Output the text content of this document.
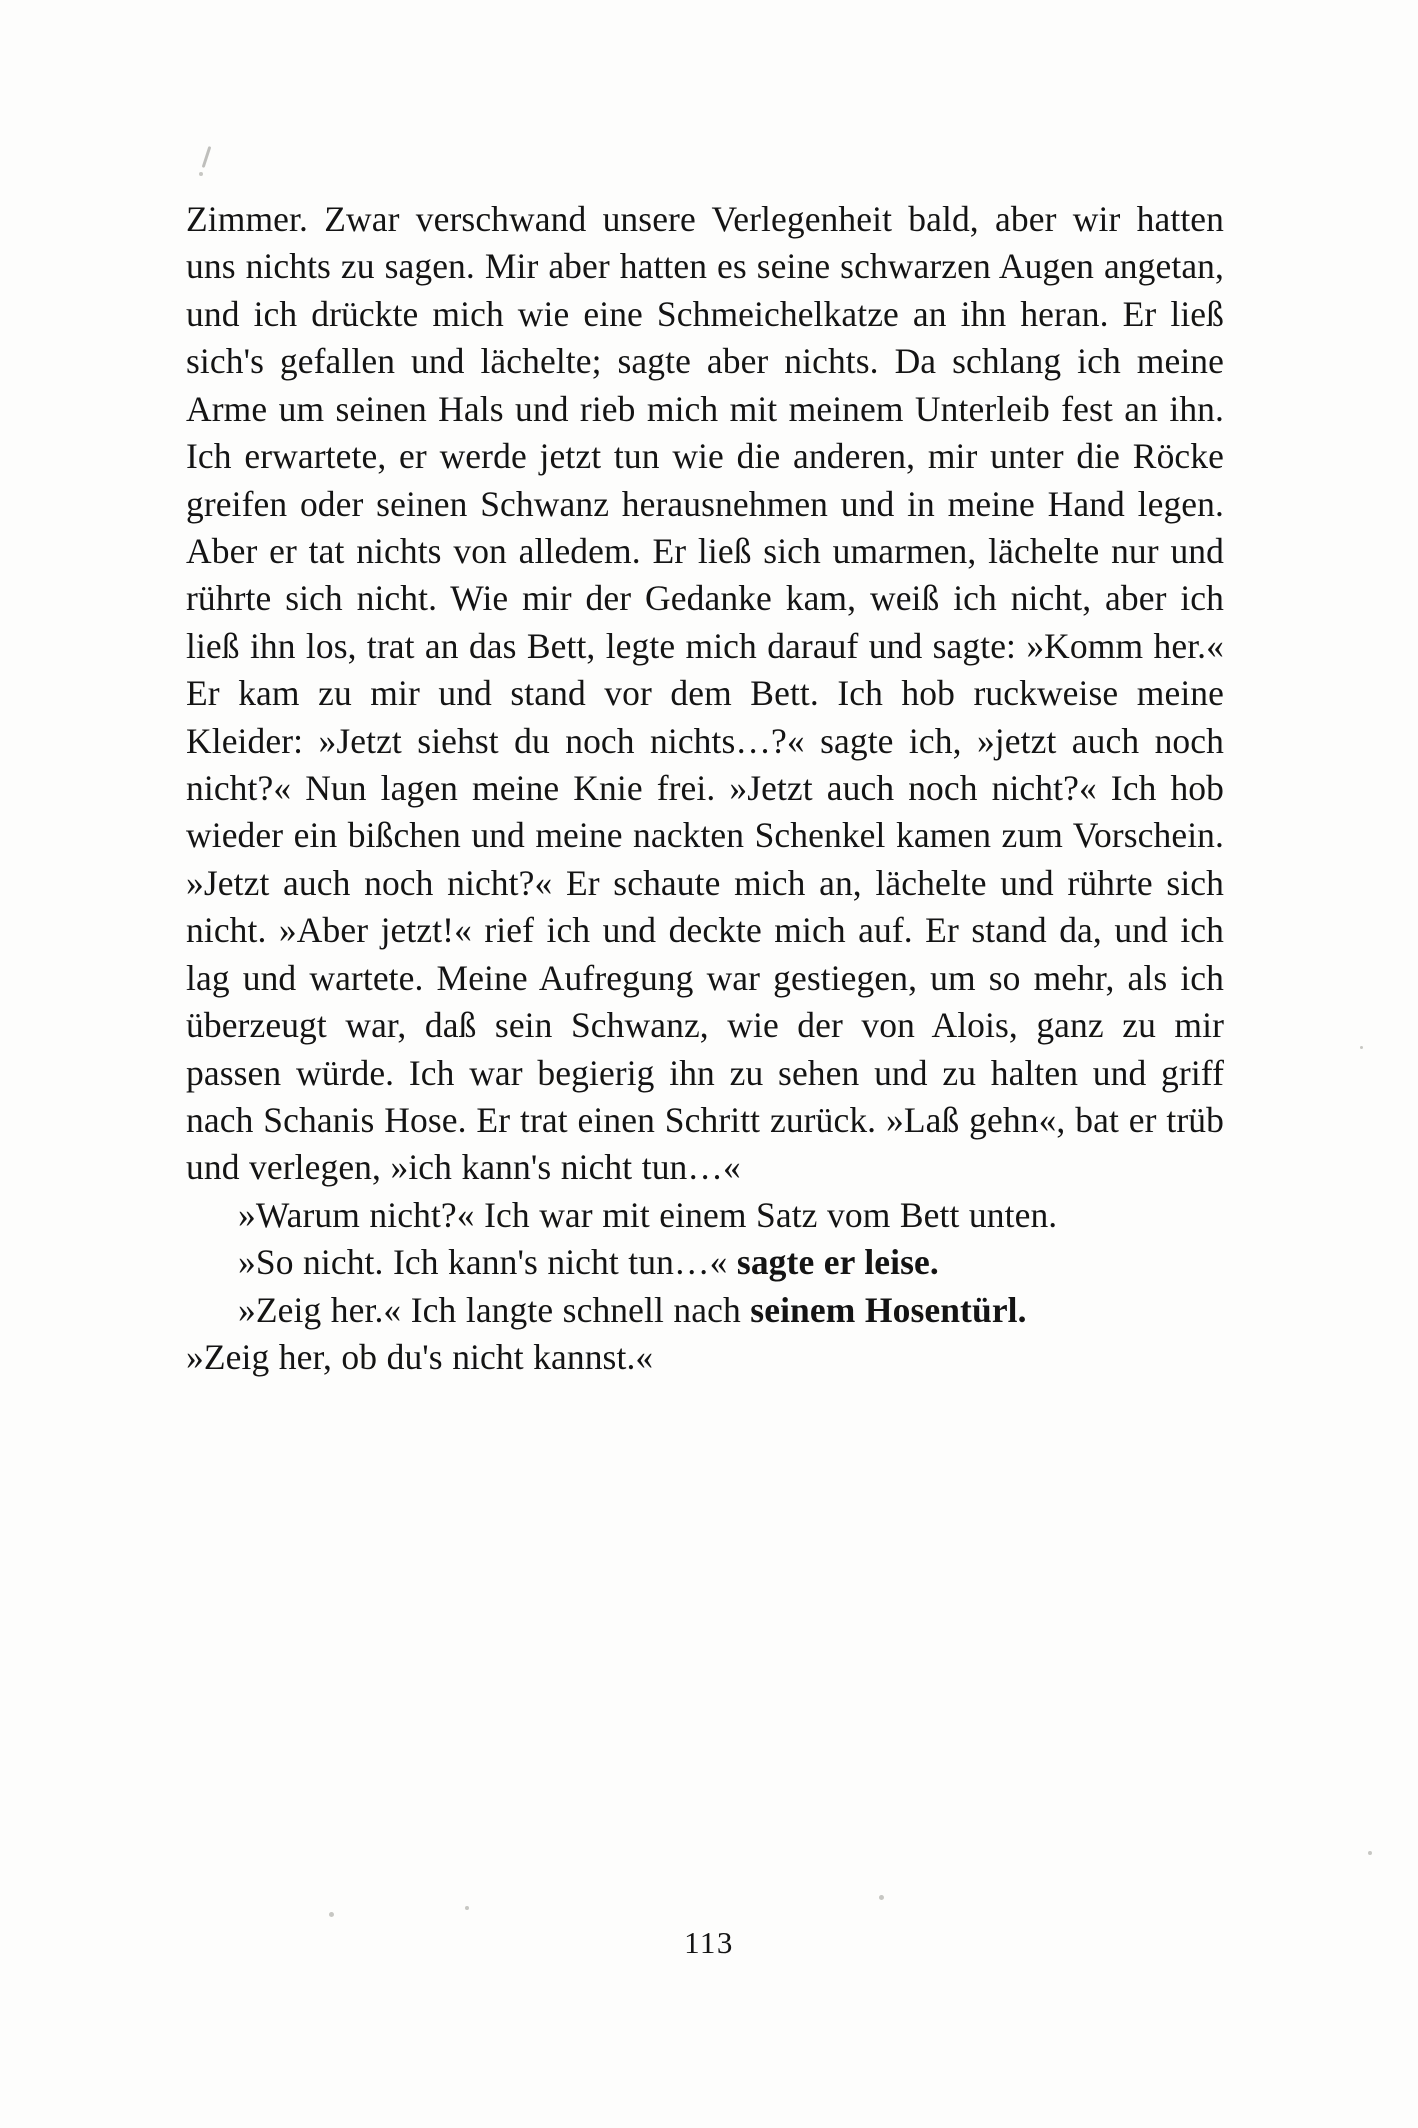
Zimmer. Zwar verschwand unsere Verlegenheit bald, aber wir hatten uns nichts zu sagen. Mir aber hatten es seine schwarzen Augen angetan, und ich drückte mich wie eine Schmeichelkatze an ihn heran. Er ließ sich's gefallen und lächelte; sagte aber nichts. Da schlang ich meine Arme um seinen Hals und rieb mich mit meinem Unterleib fest an ihn. Ich erwartete, er werde jetzt tun wie die anderen, mir unter die Röcke greifen oder seinen Schwanz herausnehmen und in meine Hand legen. Aber er tat nichts von alledem. Er ließ sich umarmen, lächelte nur und rührte sich nicht. Wie mir der Gedanke kam, weiß ich nicht, aber ich ließ ihn los, trat an das Bett, legte mich darauf und sagte: »Komm her.« Er kam zu mir und stand vor dem Bett. Ich hob ruckweise meine Kleider: »Jetzt siehst du noch nichts…?« sagte ich, »jetzt auch noch nicht?« Nun lagen meine Knie frei. »Jetzt auch noch nicht?« Ich hob wieder ein bißchen und meine nackten Schenkel kamen zum Vorschein. »Jetzt auch noch nicht?« Er schaute mich an, lächelte und rührte sich nicht. »Aber jetzt!« rief ich und deckte mich auf. Er stand da, und ich lag und wartete. Meine Aufregung war gestiegen, um so mehr, als ich überzeugt war, daß sein Schwanz, wie der von Alois, ganz zu mir passen würde. Ich war begierig ihn zu sehen und zu halten und griff nach Schanis Hose. Er trat einen Schritt zurück. »Laß gehn«, bat er trüb und verlegen, »ich kann's nicht tun…«

»Warum nicht?« Ich war mit einem Satz vom Bett unten.

»So nicht. Ich kann's nicht tun…« sagte er leise.

»Zeig her.« Ich langte schnell nach seinem Hosentürl.

»Zeig her, ob du's nicht kannst.«

113
